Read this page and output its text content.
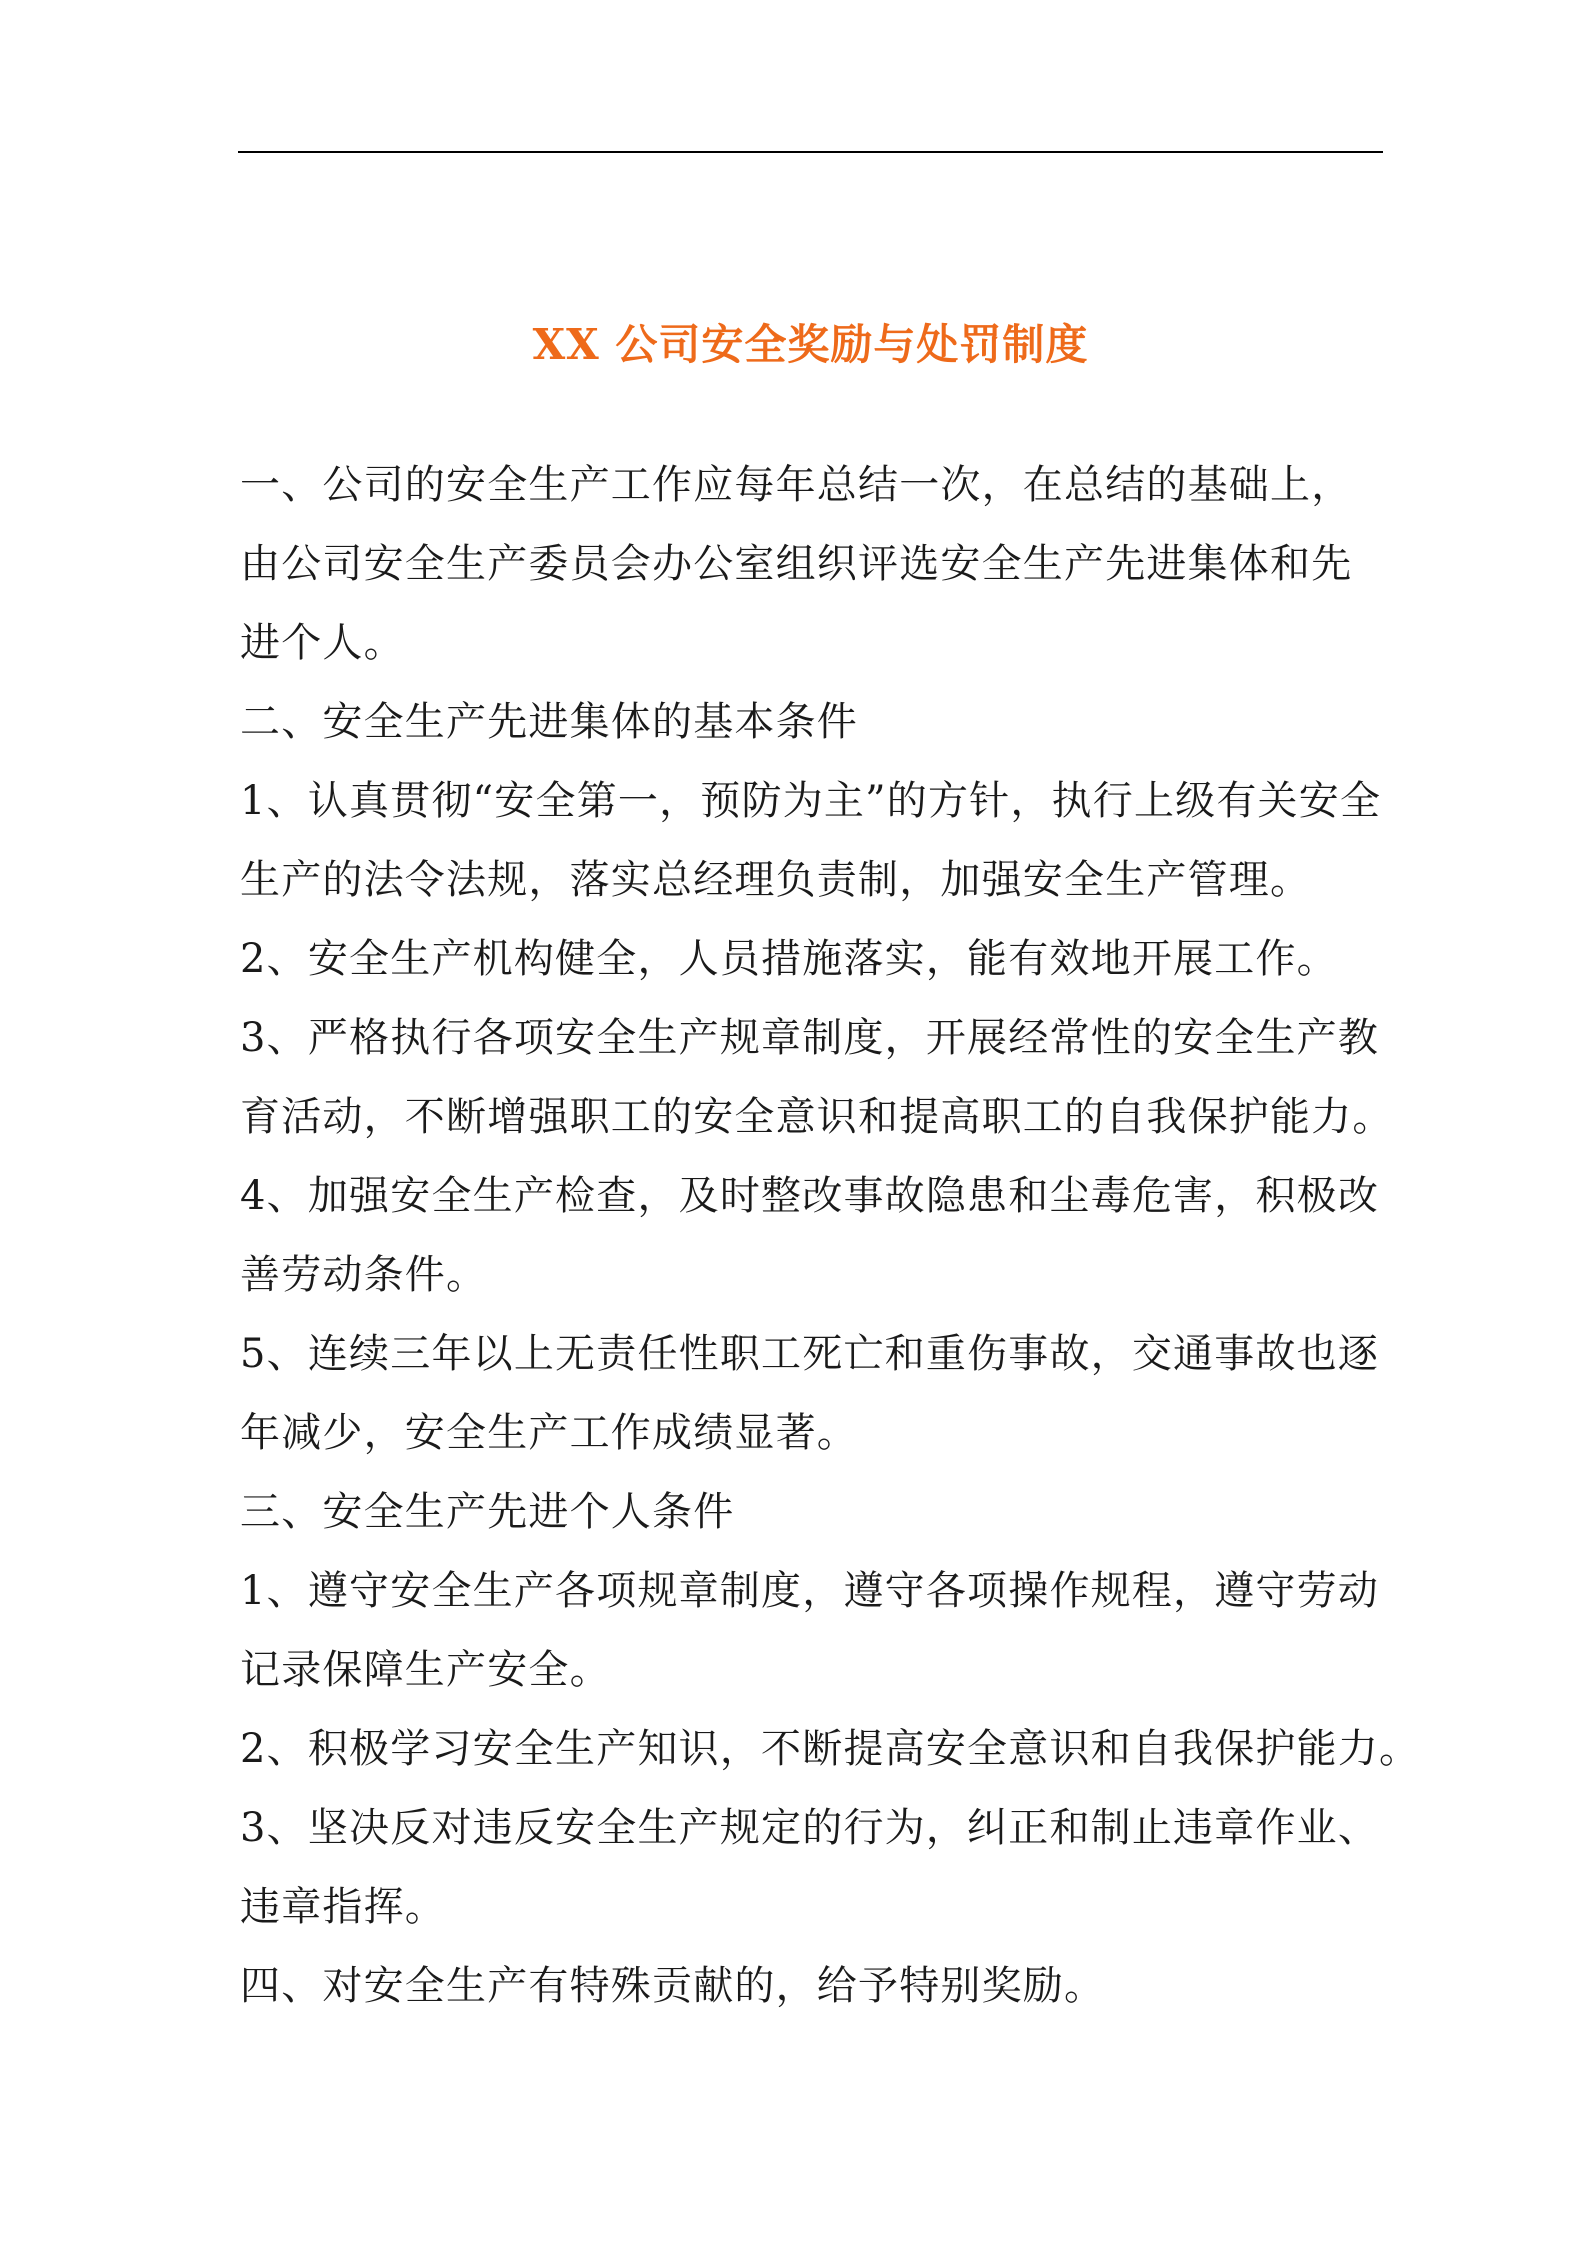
XX 公司安全奖励与处罚制度

一、公司的安全生产工作应每年总结一次，在总结的基础上，

由公司安全生产委员会办公室组织评选安全生产先进集体和先

进个人。

二、安全生产先进集体的基本条件

1、认真贯彻“安全第一，预防为主”的方针，执行上级有关安全

生产的法令法规，落实总经理负责制，加强安全生产管理。

2、安全生产机构健全，人员措施落实，能有效地开展工作。

3、严格执行各项安全生产规章制度，开展经常性的安全生产教

育活动，不断增强职工的安全意识和提高职工的自我保护能力。

4、加强安全生产检查，及时整改事故隐患和尘毒危害，积极改

善劳动条件。

5、连续三年以上无责任性职工死亡和重伤事故，交通事故也逐

年减少，安全生产工作成绩显著。

三、安全生产先进个人条件

1、遵守安全生产各项规章制度，遵守各项操作规程，遵守劳动

记录保障生产安全。

2、积极学习安全生产知识，不断提高安全意识和自我保护能力。

3、坚决反对违反安全生产规定的行为，纠正和制止违章作业、

违章指挥。

四、对安全生产有特殊贡献的，给予特别奖励。
